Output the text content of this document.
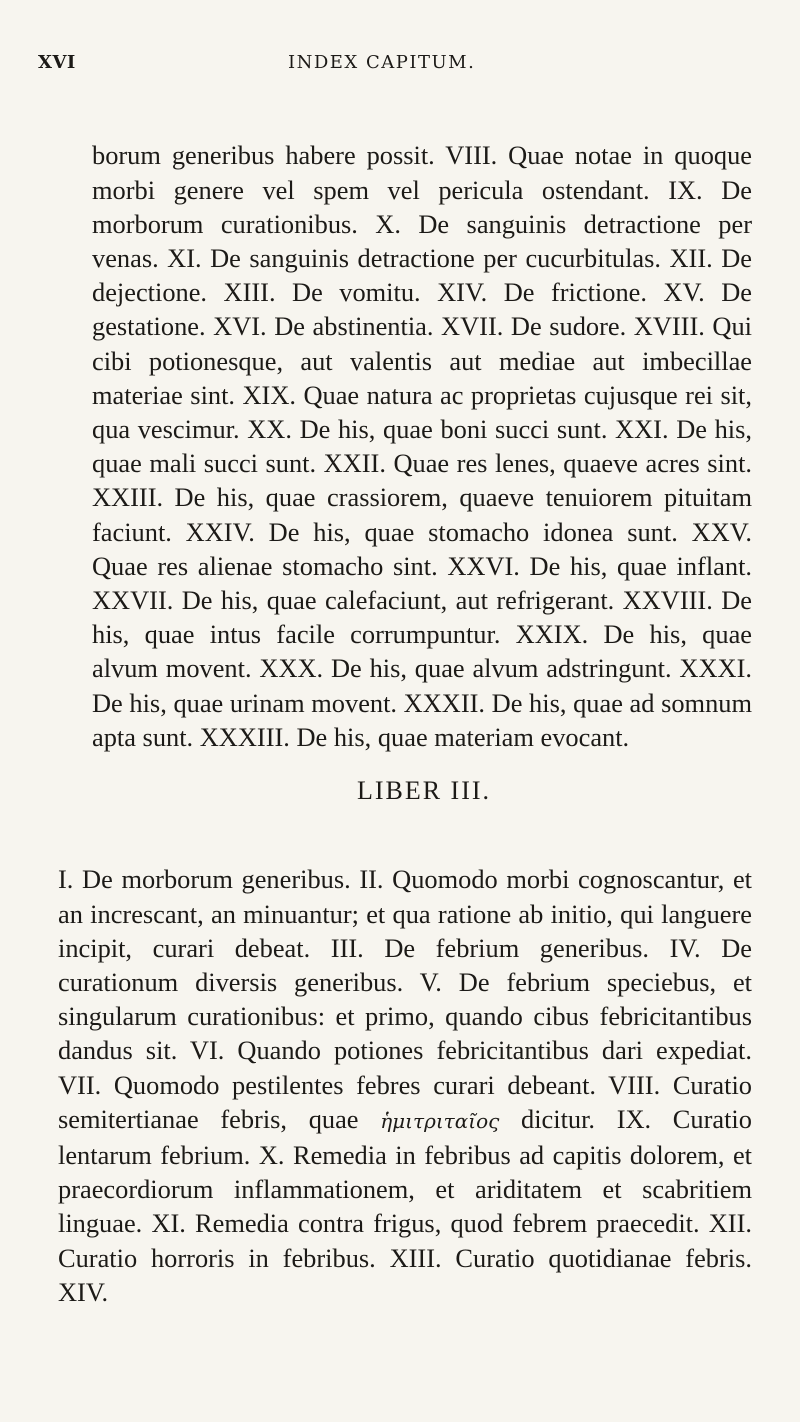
XVI	INDEX CAPITUM.

borum generibus habere possit. VIII. Quae notae in quoque morbi genere vel spem vel pericula ostendant. IX. De morborum curationibus. X. De sanguinis detractione per venas. XI. De sanguinis detractione per cucurbitulas. XII. De dejectione. XIII. De vomitu. XIV. De frictione. XV. De gestatione. XVI. De abstinentia. XVII. De sudore. XVIII. Qui cibi potionesque, aut valentis aut mediae aut imbecillae materiae sint. XIX. Quae natura ac proprietas cujusque rei sit, qua vescimur. XX. De his, quae boni succi sunt. XXI. De his, quae mali succi sunt. XXII. Quae res lenes, quaeve acres sint. XXIII. De his, quae crassiorem, quaeve tenuiorem pituitam faciunt. XXIV. De his, quae stomacho idonea sunt. XXV. Quae res alienae stomacho sint. XXVI. De his, quae inflant. XXVII. De his, quae calefaciunt, aut refrigerant. XXVIII. De his, quae intus facile corrumpuntur. XXIX. De his, quae alvum movent. XXX. De his, quae alvum adstringunt. XXXI. De his, quae urinam movent. XXXII. De his, quae ad somnum apta sunt. XXXIII. De his, quae materiam evocant.

LIBER III.

I. De morborum generibus. II. Quomodo morbi cognoscantur, et an increscant, an minuantur; et qua ratione ab initio, qui languere incipit, curari debeat. III. De febrium generibus. IV. De curationum diversis generibus. V. De febrium speciebus, et singularum curationibus: et primo, quando cibus febricitantibus dandus sit. VI. Quando potiones febricitantibus dari expediat. VII. Quomodo pestilentes febres curari debeant. VIII. Curatio semitertianae febris, quae ἡμιτριταῖος dicitur. IX. Curatio lentarum febrium. X. Remedia in febribus ad capitis dolorem, et praecordiorum inflammationem, et ariditatem et scabritiem linguae. XI. Remedia contra frigus, quod febrem praecedit. XII. Curatio horroris in febribus. XIII. Curatio quotidianae febris. XIV.
